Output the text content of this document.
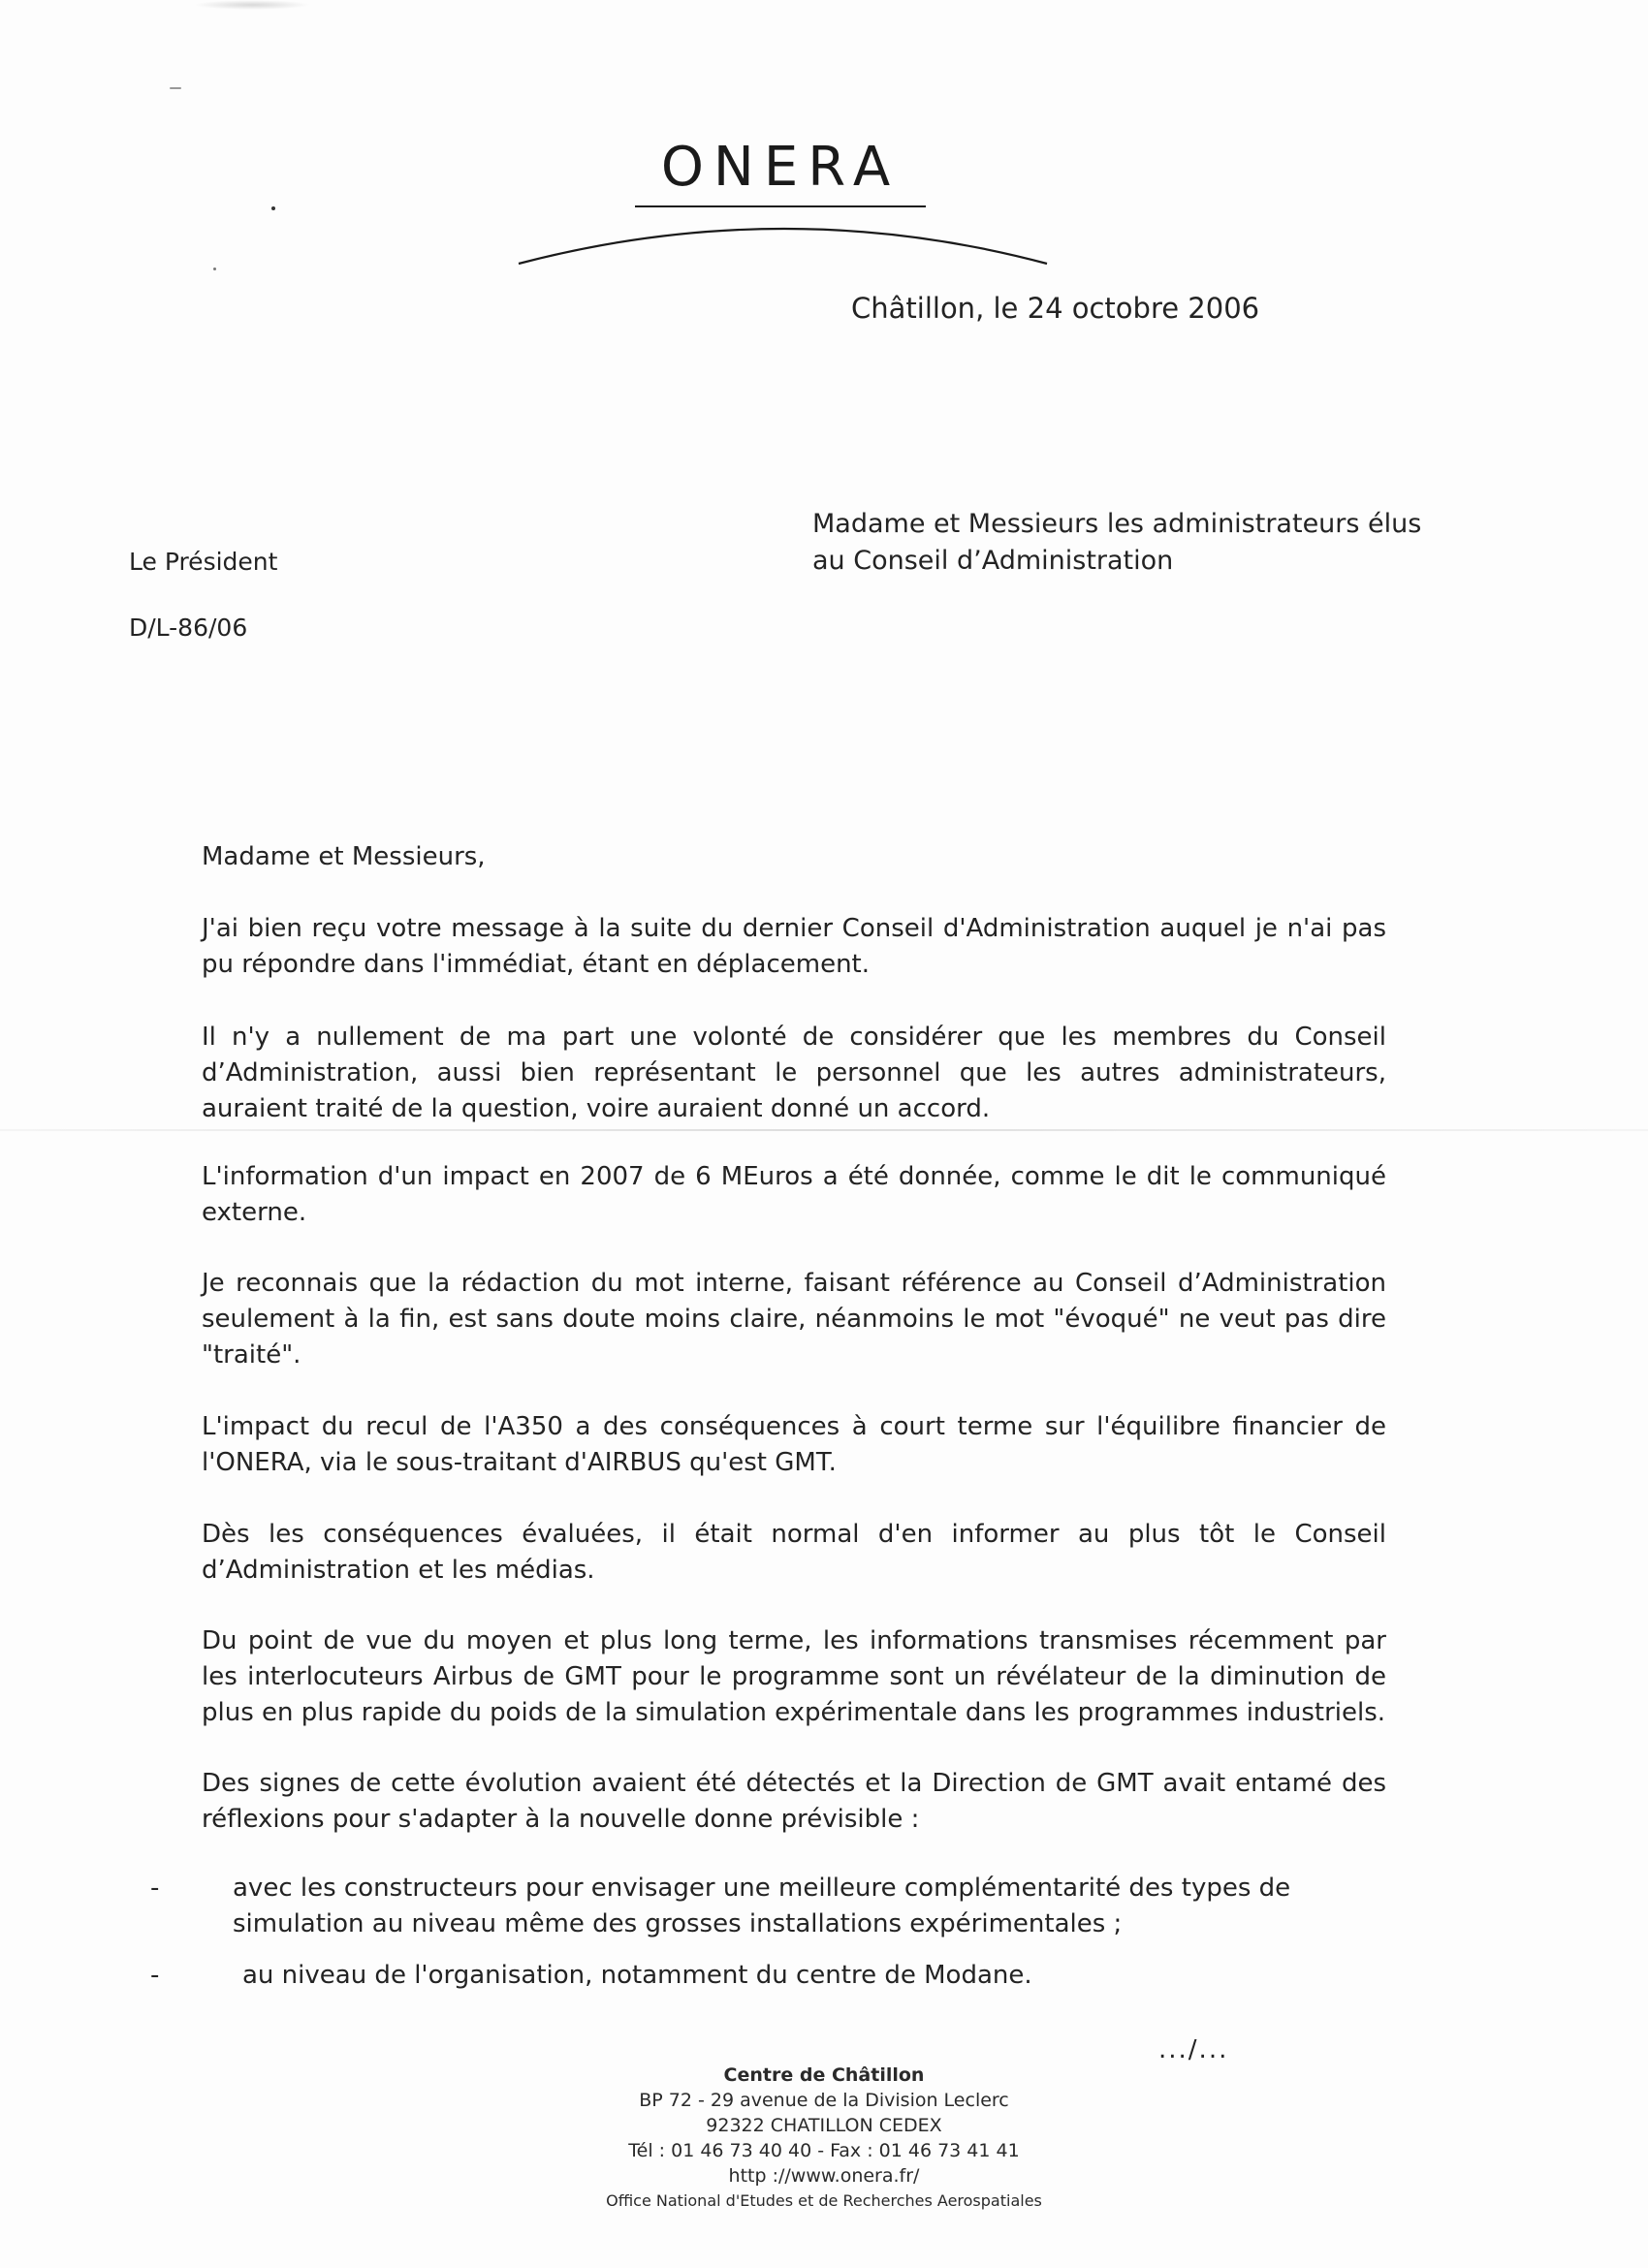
ONERA
Châtillon, le 24 octobre 2006
Madame et Messieurs les administrateurs élus
au Conseil d’Administration
Le Président
D/L-86/06
Madame et Messieurs,
J'ai bien reçu votre message à la suite du dernier Conseil d'Administration auquel je n'ai pas pu répondre dans l'immédiat, étant en déplacement.
Il n'y a nullement de ma part une volonté de considérer que les membres du Conseil d’Administration, aussi bien représentant le personnel que les autres administrateurs, auraient traité de la question, voire auraient donné un accord.
L'information d'un impact en 2007 de 6 MEuros a été donnée, comme le dit le communiqué externe.
Je reconnais que la rédaction du mot interne, faisant référence au Conseil d’Administration seulement à la fin, est sans doute moins claire, néanmoins le mot "évoqué" ne veut pas dire "traité".
L'impact du recul de l'A350 a des conséquences à court terme sur l'équilibre financier de l'ONERA, via le sous-traitant d'AIRBUS qu'est GMT.
Dès les conséquences évaluées, il était normal d'en informer au plus tôt le Conseil d’Administration et les médias.
Du point de vue du moyen et plus long terme, les informations transmises récemment par les interlocuteurs Airbus de GMT pour le programme sont un révélateur de la diminution de plus en plus rapide du poids de la simulation expérimentale dans les programmes industriels.
Des signes de cette évolution avaient été détectés et la Direction de GMT avait entamé des réflexions pour s'adapter à la nouvelle donne prévisible :
-	avec les constructeurs pour envisager une meilleure complémentarité des types de simulation au niveau même des grosses installations expérimentales ;
-	au niveau de l'organisation, notamment du centre de Modane.
.../...
Centre de Châtillon
BP 72 - 29 avenue de la Division Leclerc
92322 CHATILLON CEDEX
Tél : 01 46 73 40 40 - Fax : 01 46 73 41 41
http ://www.onera.fr/
Office National d'Etudes et de Recherches Aerospatiales
